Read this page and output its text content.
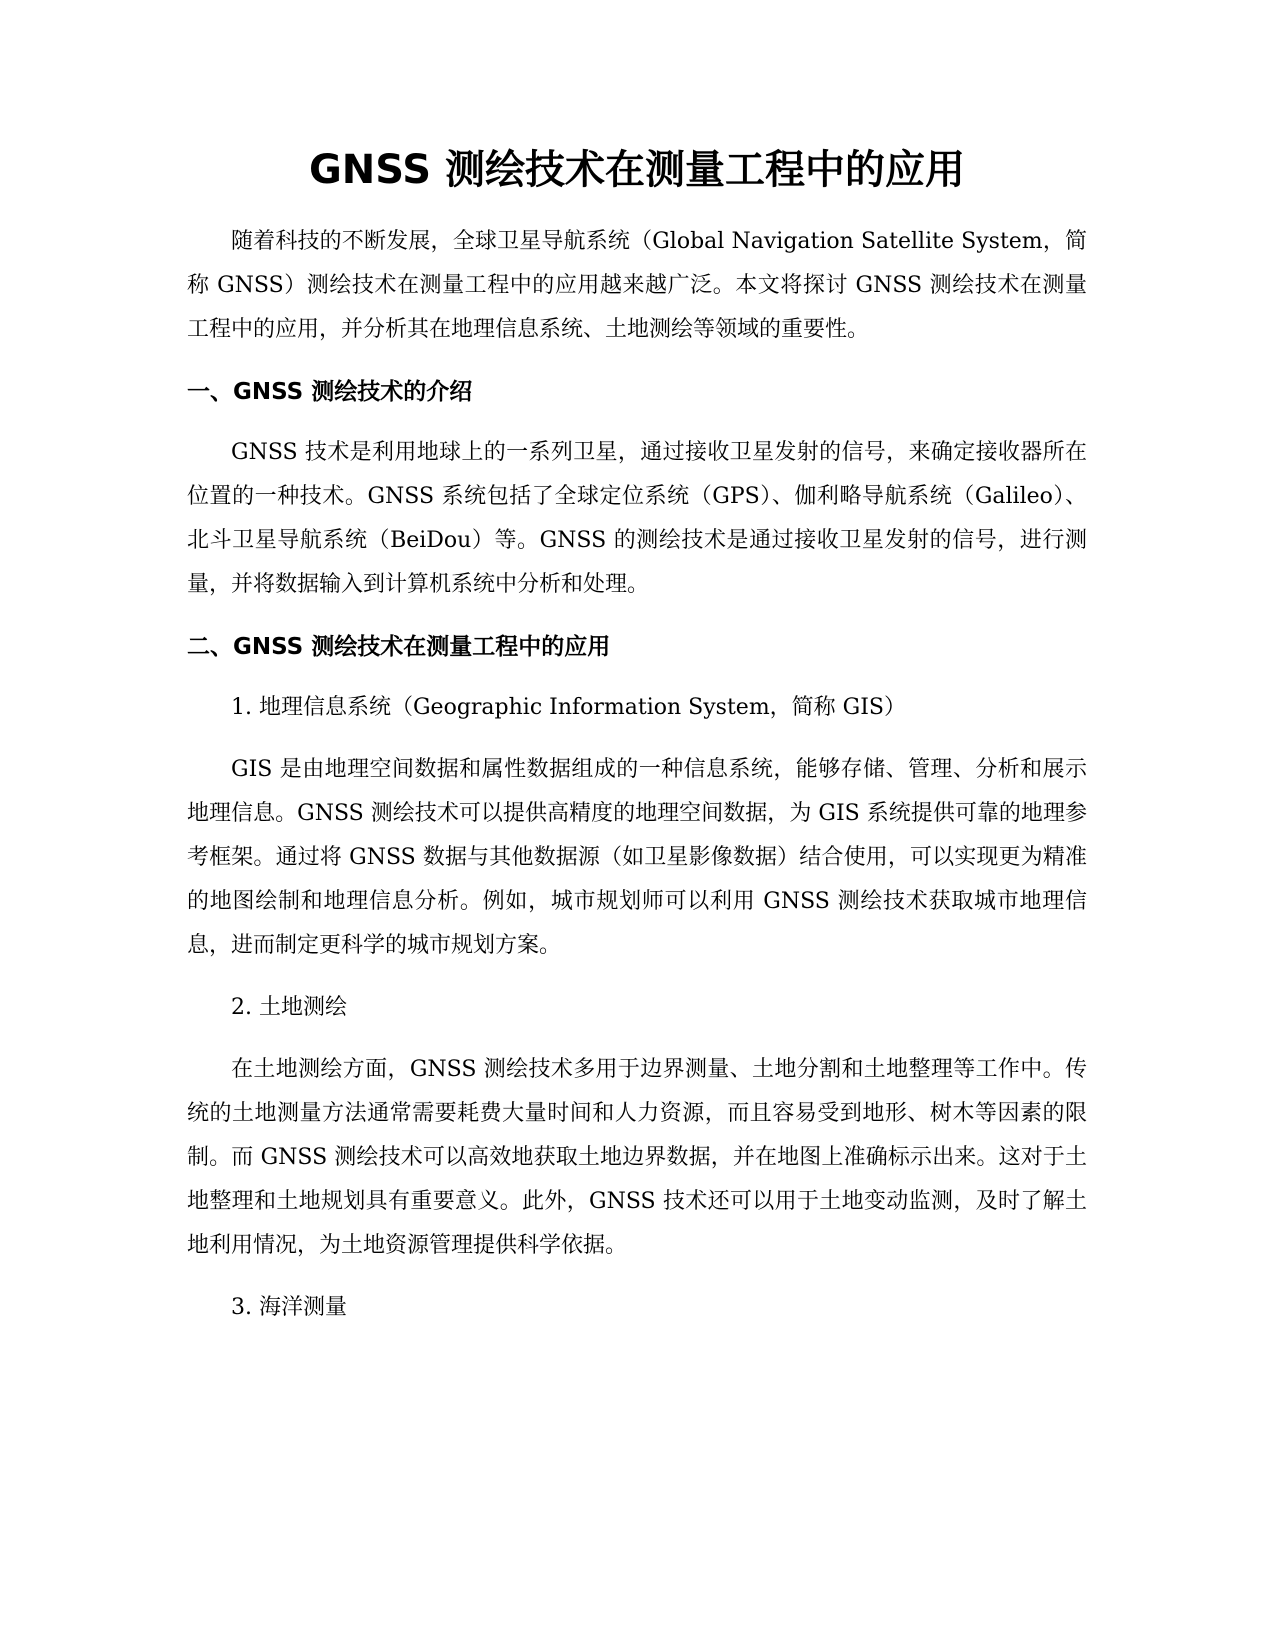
GNSS 测绘技术在测量工程中的应用

随着科技的不断发展，全球卫星导航系统（Global Navigation Satellite System，简称 GNSS）测绘技术在测量工程中的应用越来越广泛。本文将探讨 GNSS 测绘技术在测量工程中的应用，并分析其在地理信息系统、土地测绘等领域的重要性。

一、GNSS 测绘技术的介绍

GNSS 技术是利用地球上的一系列卫星，通过接收卫星发射的信号，来确定接收器所在位置的一种技术。GNSS 系统包括了全球定位系统（GPS）、伽利略导航系统（Galileo）、北斗卫星导航系统（BeiDou）等。GNSS 的测绘技术是通过接收卫星发射的信号，进行测量，并将数据输入到计算机系统中分析和处理。

二、GNSS 测绘技术在测量工程中的应用

1. 地理信息系统（Geographic Information System，简称 GIS）

GIS 是由地理空间数据和属性数据组成的一种信息系统，能够存储、管理、分析和展示地理信息。GNSS 测绘技术可以提供高精度的地理空间数据，为 GIS 系统提供可靠的地理参考框架。通过将 GNSS 数据与其他数据源（如卫星影像数据）结合使用，可以实现更为精准的地图绘制和地理信息分析。例如，城市规划师可以利用 GNSS 测绘技术获取城市地理信息，进而制定更科学的城市规划方案。

2. 土地测绘

在土地测绘方面，GNSS 测绘技术多用于边界测量、土地分割和土地整理等工作中。传统的土地测量方法通常需要耗费大量时间和人力资源，而且容易受到地形、树木等因素的限制。而 GNSS 测绘技术可以高效地获取土地边界数据，并在地图上准确标示出来。这对于土地整理和土地规划具有重要意义。此外，GNSS 技术还可以用于土地变动监测，及时了解土地利用情况，为土地资源管理提供科学依据。

3. 海洋测量
